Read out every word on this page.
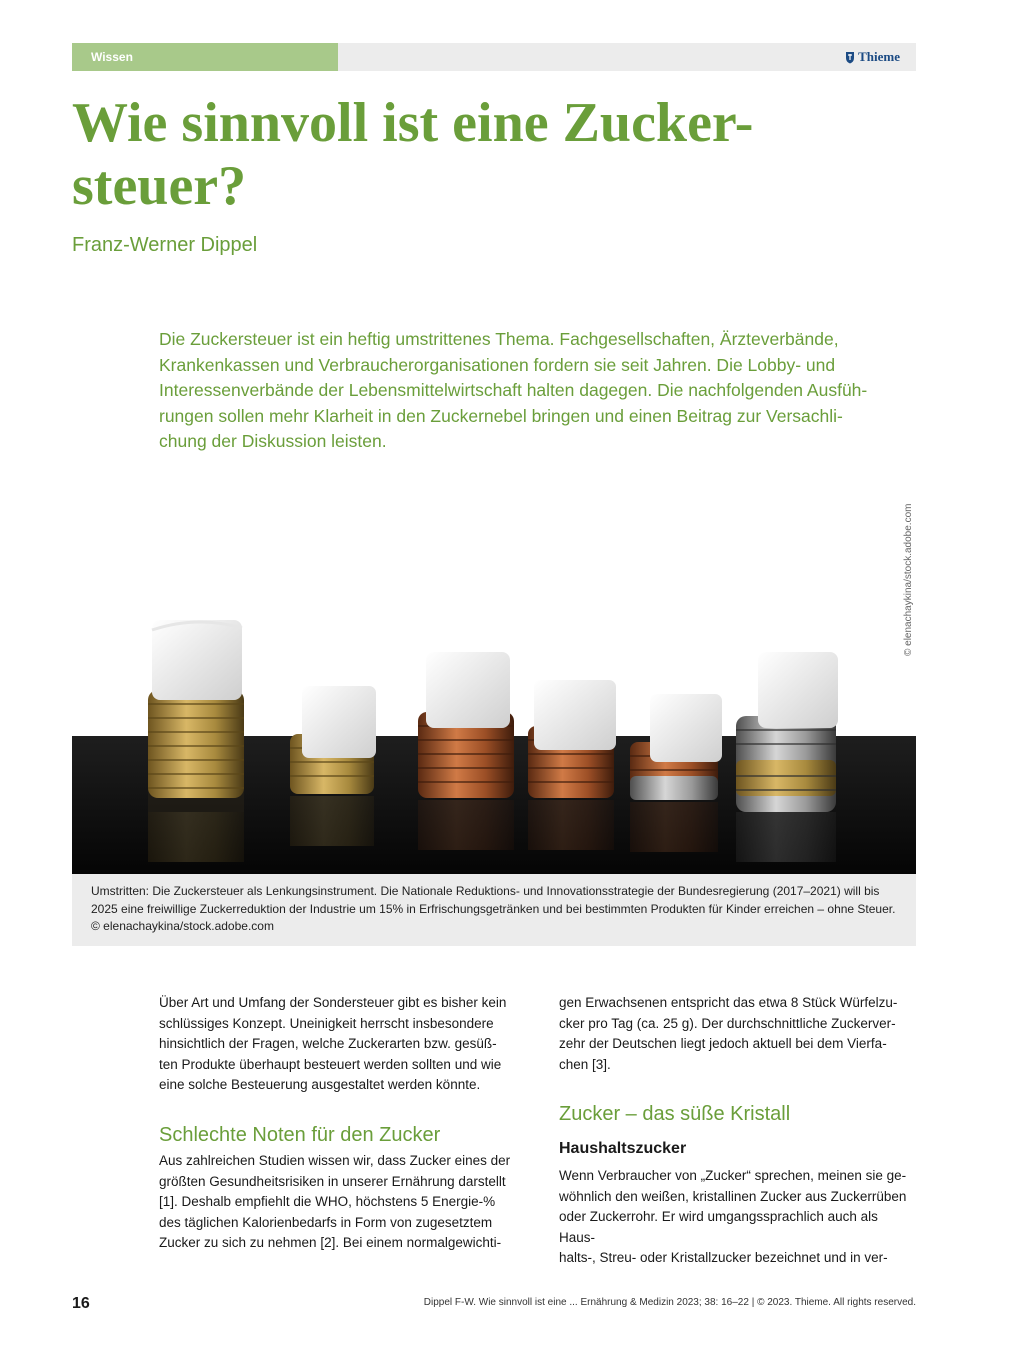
Wissen	Thieme
Wie sinnvoll ist eine Zucker-
steuer?
Franz-Werner Dippel

Die Zuckersteuer ist ein heftig umstrittenes Thema. Fachgesellschaften, Ärzteverbände,
Krankenkassen und Verbraucherorganisationen fordern sie seit Jahren. Die Lobby- und
Interessenverbände der Lebensmittelwirtschaft halten dagegen. Die nachfolgenden Ausfüh-
rungen sollen mehr Klarheit in den Zuckernebel bringen und einen Beitrag zur Versachli-
chung der Diskussion leisten.

© elenachaykina/stock.adobe.com

Umstritten: Die Zuckersteuer als Lenkungsinstrument. Die Nationale Reduktions- und Innovationsstrategie der Bundesregierung (2017–2021) will bis

2025 eine freiwillige Zuckerreduktion der Industrie um 15% in Erfrischungsgetränken und bei bestimmten Produkten für Kinder erreichen – ohne Steuer.

© elenachaykina/stock.adobe.com

Über Art und Umfang der Sondersteuer gibt es bisher kein
schlüssiges Konzept. Uneinigkeit herrscht insbesondere
hinsichtlich der Fragen, welche Zuckerarten bzw. gesüß-
ten Produkte überhaupt besteuert werden sollten und wie
eine solche Besteuerung ausgestaltet werden könnte.

Schlechte Noten für den Zucker

Aus zahlreichen Studien wissen wir, dass Zucker eines der
größten Gesundheitsrisiken in unserer Ernährung darstellt
[1]. Deshalb empfiehlt die WHO, höchstens 5 Energie-%
des täglichen Kalorienbedarfs in Form von zugesetztem
Zucker zu sich zu nehmen [2]. Bei einem normalgewichti-

gen Erwachsenen entspricht das etwa 8 Stück Würfelzu-
cker pro Tag (ca. 25 g). Der durchschnittliche Zuckerver-
zehr der Deutschen liegt jedoch aktuell bei dem Vierfa-
chen [3].

Zucker – das süße Kristall
Haushaltszucker

Wenn Verbraucher von „Zucker“ sprechen, meinen sie ge-
wöhnlich den weißen, kristallinen Zucker aus Zuckerrüben
oder Zuckerrohr. Er wird umgangssprachlich auch als Haus-
halts-, Streu- oder Kristallzucker bezeichnet und in ver-

16	Dippel F-W. Wie sinnvoll ist eine ... Ernährung & Medizin 2023; 38: 16–22 | © 2023. Thieme. All rights reserved.
